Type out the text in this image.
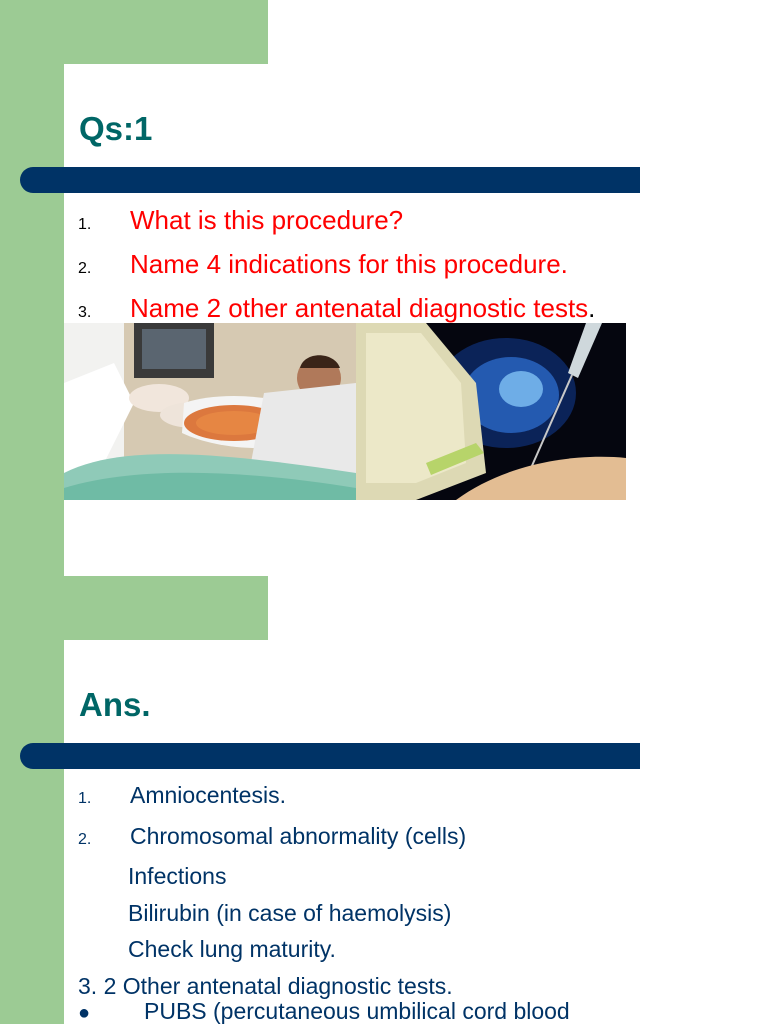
Qs:1
1. What is this procedure?
2. Name 4 indications for this procedure.
3. Name 2 other antenatal diagnostic tests.
Ans.
1. Amniocentesis.
2. Chromosomal abnormality (cells)
Infections
Bilirubin (in case of haemolysis)
Check lung maturity.
3. 2 Other antenatal diagnostic tests.
● PUBS (percutaneous umbilical cord blood
